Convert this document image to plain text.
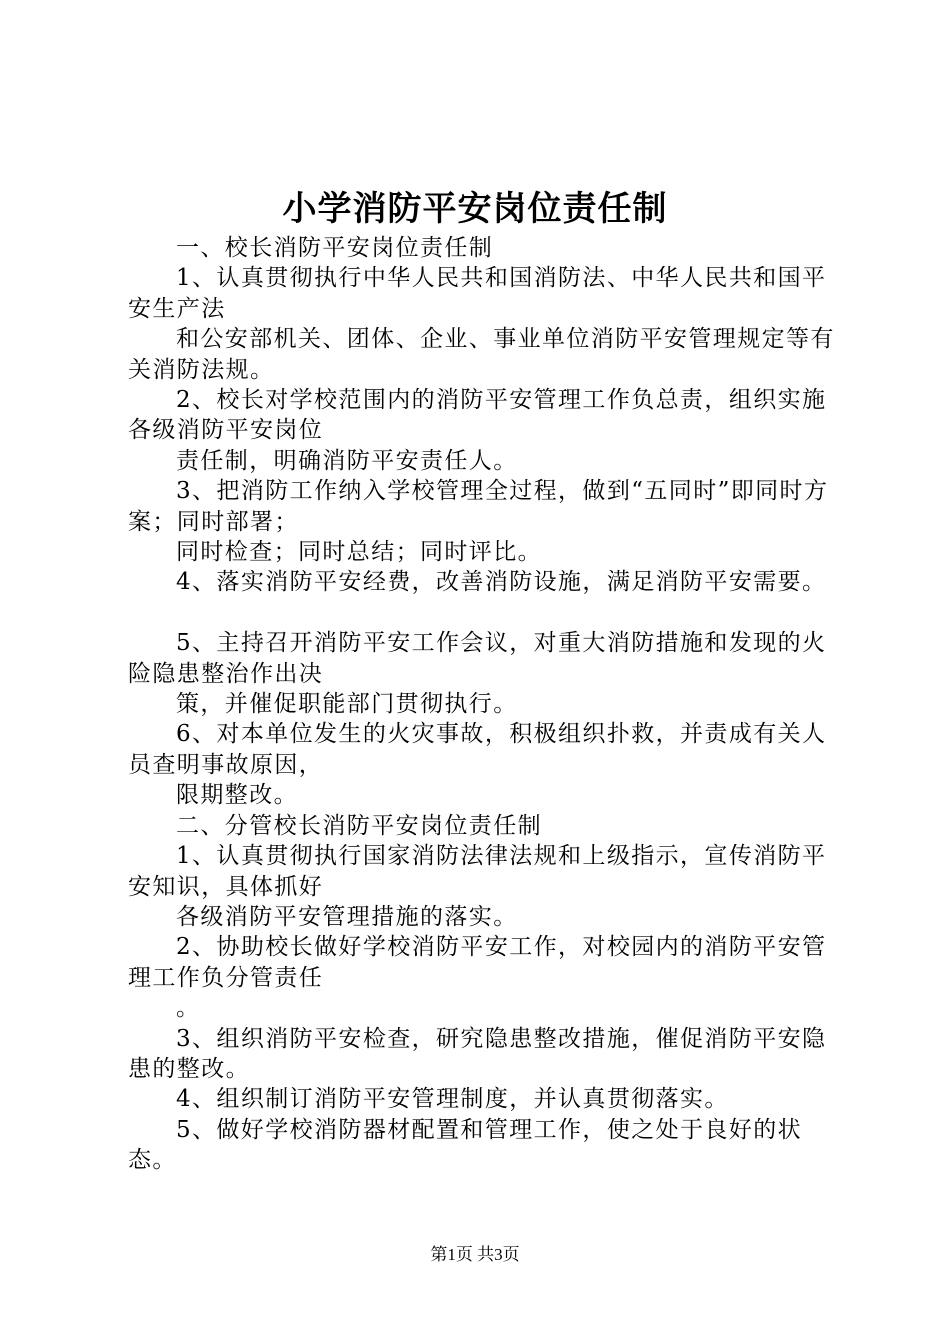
小学消防平安岗位责任制

一、校长消防平安岗位责任制

1、认真贯彻执行中华人民共和国消防法、中华人民共和国平安生产法

和公安部机关、团体、企业、事业单位消防平安管理规定等有关消防法规。

2、校长对学校范围内的消防平安管理工作负总责，组织实施各级消防平安岗位

责任制，明确消防平安责任人。

3、把消防工作纳入学校管理全过程，做到“五同时”即同时方案；同时部署；

同时检查；同时总结；同时评比。

4、落实消防平安经费，改善消防设施，满足消防平安需要。

5、主持召开消防平安工作会议，对重大消防措施和发现的火险隐患整治作出决

策，并催促职能部门贯彻执行。

6、对本单位发生的火灾事故，积极组织扑救，并责成有关人员查明事故原因，

限期整改。

二、分管校长消防平安岗位责任制

1、认真贯彻执行国家消防法律法规和上级指示，宣传消防平安知识，具体抓好

各级消防平安管理措施的落实。

2、协助校长做好学校消防平安工作，对校园内的消防平安管理工作负分管责任

。

3、组织消防平安检查，研究隐患整改措施，催促消防平安隐患的整改。

4、组织制订消防平安管理制度，并认真贯彻落实。

5、做好学校消防器材配置和管理工作，使之处于良好的状态。

第1页 共3页
